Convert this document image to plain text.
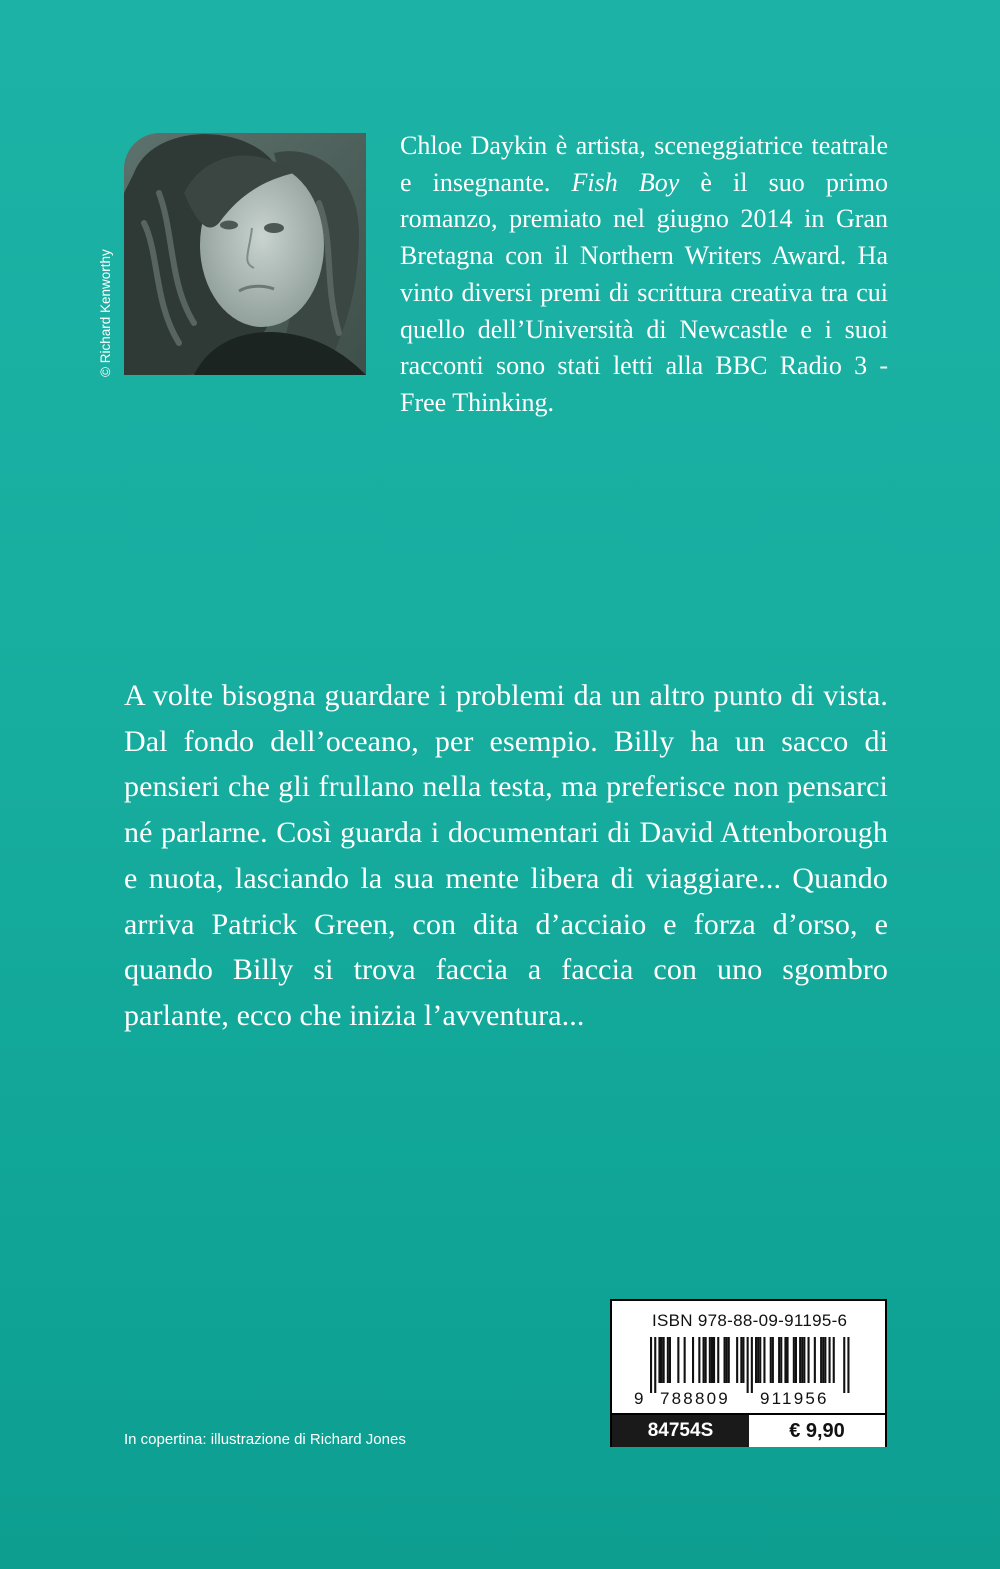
© Richard Kenworthy

Chloe Daykin è artista, sceneggiatrice teatrale e insegnante. Fish Boy è il suo primo romanzo, premiato nel giugno 2014 in Gran Bretagna con il Northern Writers Award. Ha vinto diversi premi di scrittura creativa tra cui quello dell’Università di Newcastle e i suoi racconti sono stati letti alla BBC Radio 3 - Free Thinking.

A volte bisogna guardare i problemi da un altro punto di vista. Dal fondo dell’oceano, per esempio. Billy ha un sacco di pensieri che gli frullano nella testa, ma preferisce non pensarci né parlarne. Così guarda i documentari di David Attenborough e nuota, lasciando la sua mente libera di viaggiare... Quando arriva Patrick Green, con dita d’acciaio e forza d’orso, e quando Billy si trova faccia a faccia con uno sgombro parlante, ecco che inizia l’avventura...

In copertina: illustrazione di Richard Jones
ISBN 978-88-09-91195-6
9 788809 911956
84754S	€ 9,90
